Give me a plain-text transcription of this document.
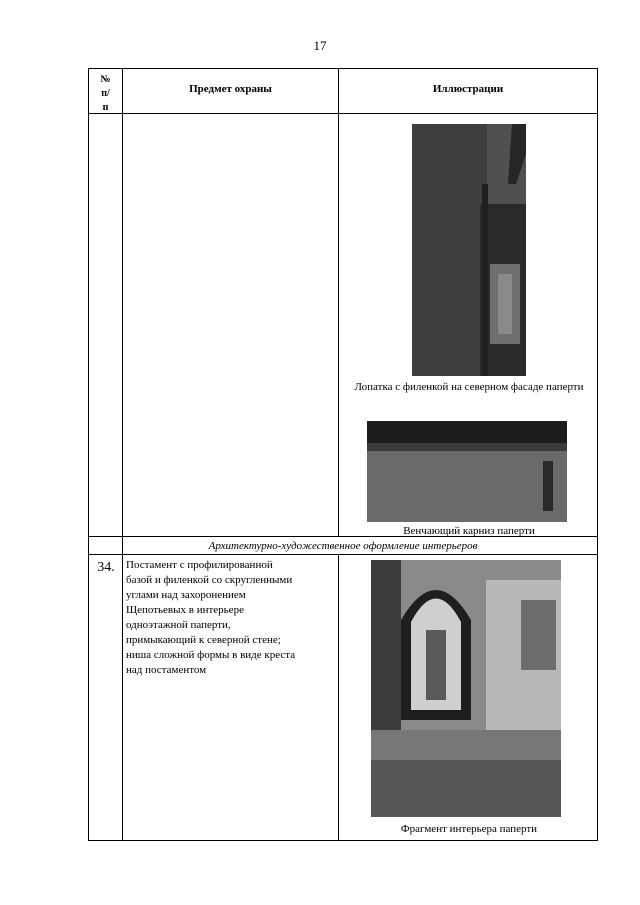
17
№
п/
п
Предмет охраны	Иллюстрации
Лопатка с филенкой на северном фасаде паперти
Венчающий карниз паперти
Архитектурно-художественное оформление интерьеров
34.	Постамент с профилированной
базой и филенкой со скругленными
углами над захоронением
Щепотьевых в интерьере
одноэтажной паперти,
примыкающий к северной стене;
ниша сложной формы в виде креста
над постаментом
Фрагмент интерьера паперти
